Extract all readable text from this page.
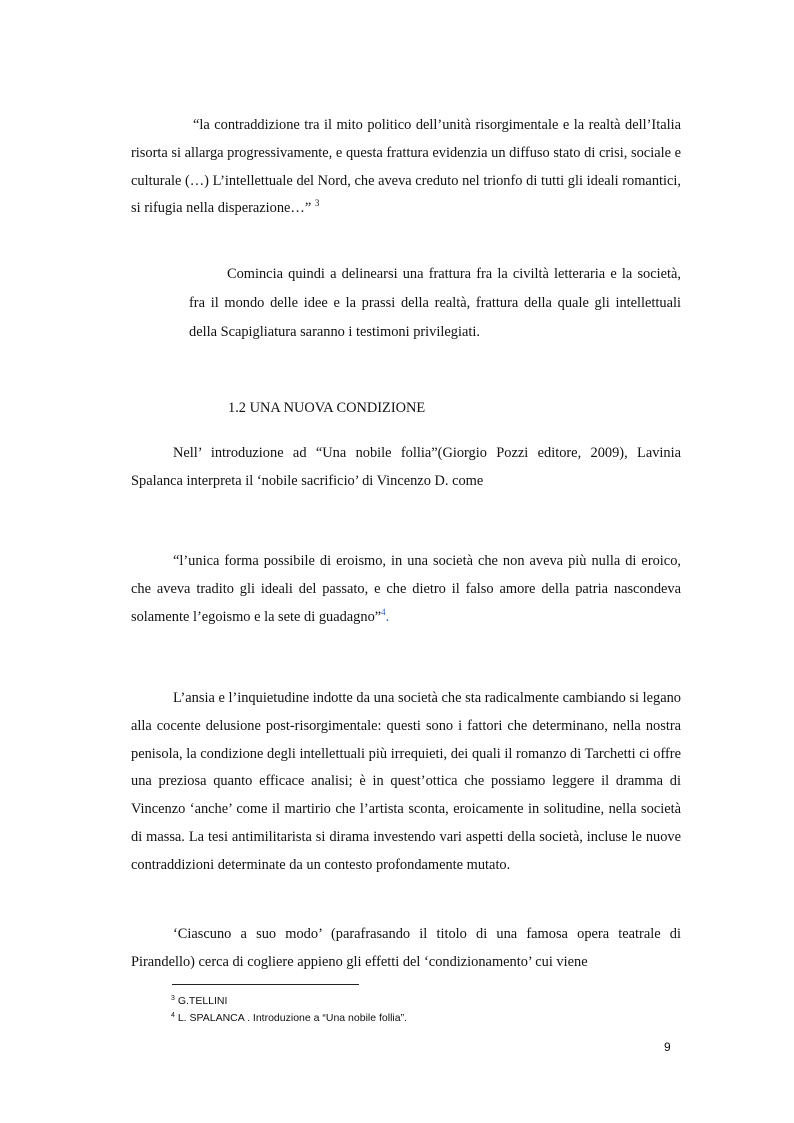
“la contraddizione tra il mito politico dell’unità risorgimentale e la realtà dell’Italia risorta si allarga progressivamente, e questa frattura evidenzia un diffuso stato di crisi, sociale e culturale (…) L’intellettuale del Nord, che aveva creduto nel trionfo di tutti gli ideali romantici, si rifugia nella disperazione…” $^3$

Comincia quindi a delinearsi una frattura fra la civiltà letteraria e la società, fra il mondo delle idee e la prassi della realtà, frattura della quale gli intellettuali della Scapigliatura saranno i testimoni privilegiati.

1.2 UNA NUOVA CONDIZIONE

Nell’ introduzione ad “Una nobile follia”(Giorgio Pozzi editore, 2009), Lavinia Spalanca interpreta il ‘nobile sacrificio’ di Vincenzo D. come

“l’unica forma possibile di eroismo, in una società che non aveva più nulla di eroico, che aveva tradito gli ideali del passato, e che dietro il falso amore della patria nascondeva solamente l’egoismo e la sete di guadagno”$^4$.

L’ansia e l’inquietudine indotte da una società che sta radicalmente cambiando si legano alla cocente delusione post-risorgimentale: questi sono i fattori che determinano, nella nostra penisola, la condizione degli intellettuali più irrequieti, dei quali il romanzo di Tarchetti ci offre una preziosa quanto efficace analisi; è in quest’ottica che possiamo leggere il dramma di Vincenzo ‘anche’ come il martirio che l’artista sconta, eroicamente in solitudine, nella società di massa. La tesi antimilitarista si dirama investendo vari aspetti della società, incluse le nuove contraddizioni determinate da un contesto profondamente mutato.

‘Ciascuno a suo modo’ (parafrasando il titolo di una famosa opera teatrale di Pirandello) cerca di cogliere appieno gli effetti del ‘condizionamento’ cui viene

$^3$ G.TELLINI

$^4$ L. SPALANCA . Introduzione a “Una nobile follia”.

9
